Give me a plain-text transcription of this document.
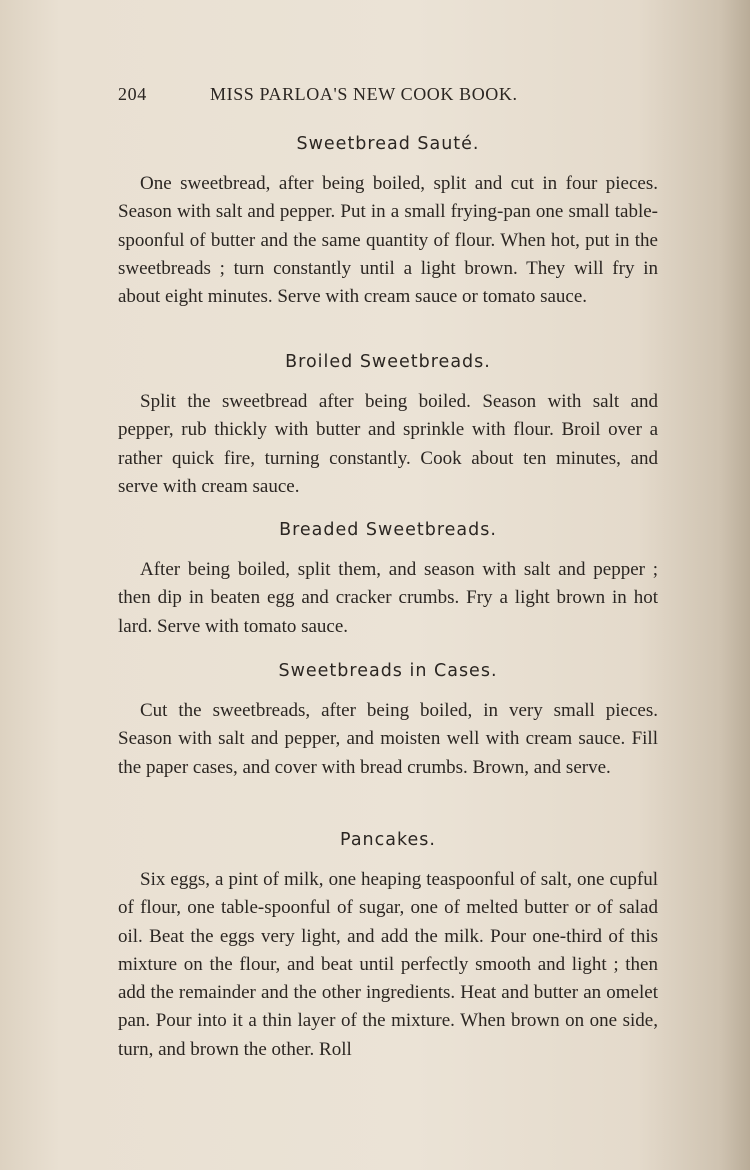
204	MISS PARLOA'S NEW COOK BOOK.
Sweetbread Sauté.

One sweetbread, after being boiled, split and cut in four pieces. Season with salt and pepper. Put in a small frying-pan one small table-spoonful of butter and the same quantity of flour. When hot, put in the sweetbreads ; turn constantly until a light brown. They will fry in about eight minutes. Serve with cream sauce or tomato sauce.

Broiled Sweetbreads.

Split the sweetbread after being boiled. Season with salt and pepper, rub thickly with butter and sprinkle with flour. Broil over a rather quick fire, turning constantly. Cook about ten minutes, and serve with cream sauce.

Breaded Sweetbreads.

After being boiled, split them, and season with salt and pepper ; then dip in beaten egg and cracker crumbs. Fry a light brown in hot lard. Serve with tomato sauce.

Sweetbreads in Cases.

Cut the sweetbreads, after being boiled, in very small pieces. Season with salt and pepper, and moisten well with cream sauce. Fill the paper cases, and cover with bread crumbs. Brown, and serve.

Pancakes.

Six eggs, a pint of milk, one heaping teaspoonful of salt, one cupful of flour, one table-spoonful of sugar, one of melted butter or of salad oil. Beat the eggs very light, and add the milk. Pour one-third of this mixture on the flour, and beat until perfectly smooth and light ; then add the remainder and the other ingredients. Heat and butter an omelet pan. Pour into it a thin layer of the mixture. When brown on one side, turn, and brown the other. Roll
